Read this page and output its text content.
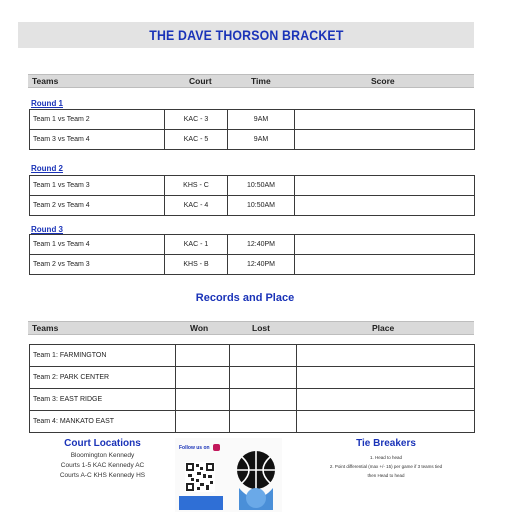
THE DAVE THORSON BRACKET
Teams	Court	Time	Score
Round 1
Team 1 vs Team 2	KAC - 3	9AM	
Team 3 vs Team 4	KAC - 5	9AM	
Round 2
Team 1 vs Team 3	KHS - C	10:50AM	
Team 2 vs Team 4	KAC - 4	10:50AM	
Round 3
Team 1 vs Team 4	KAC - 1	12:40PM	
Team 2 vs Team 3	KHS - B	12:40PM	
Records and Place
Teams	Won	Lost	Place
Team 1: FARMINGTON			
Team 2: PARK CENTER			
Team 3: EAST RIDGE			
Team 4: MANKATO EAST			
Court Locations
Bloomington Kennedy
Courts 1-5 KAC Kennedy AC
Courts A-C KHS Kennedy HS
Follow us on	Tie Breakers
1. Head to head
2. Point differential (max +/- 15) per game if 3 teams tied
then Head to head
